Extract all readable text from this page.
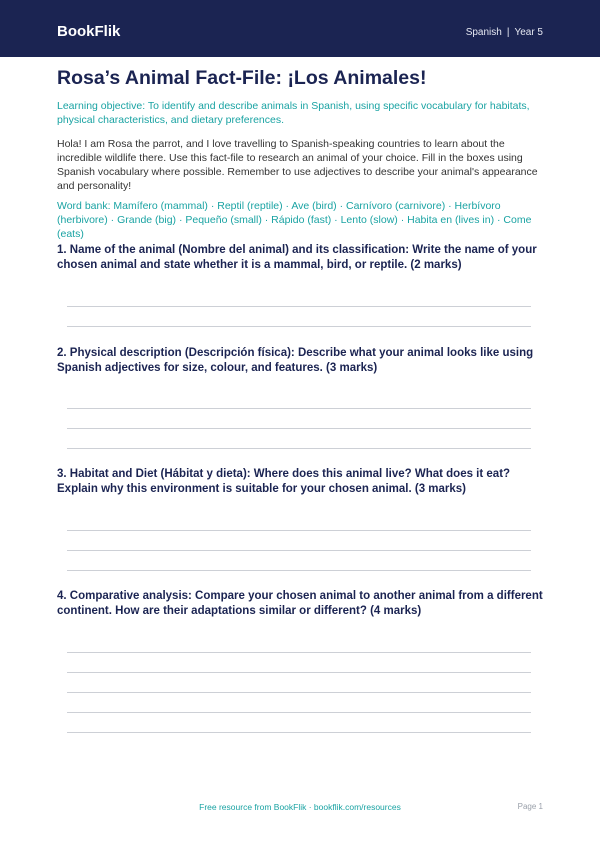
BookFlik	Spanish | Year 5
Rosa’s Animal Fact-File: ¡Los Animales!
Learning objective: To identify and describe animals in Spanish, using specific vocabulary for habitats, physical characteristics, and dietary preferences.
Hola! I am Rosa the parrot, and I love travelling to Spanish-speaking countries to learn about the incredible wildlife there. Use this fact-file to research an animal of your choice. Fill in the boxes using Spanish vocabulary where possible. Remember to use adjectives to describe your animal's appearance and personality!
Word bank: Mamífero (mammal) · Reptil (reptile) · Ave (bird) · Carnívoro (carnivore) · Herbívoro (herbivore) · Grande (big) · Pequeño (small) · Rápido (fast) · Lento (slow) · Habita en (lives in) · Come (eats)
1. Name of the animal (Nombre del animal) and its classification: Write the name of your chosen animal and state whether it is a mammal, bird, or reptile. (2 marks)
2. Physical description (Descripción física): Describe what your animal looks like using Spanish adjectives for size, colour, and features. (3 marks)
3. Habitat and Diet (Hábitat y dieta): Where does this animal live? What does it eat? Explain why this environment is suitable for your chosen animal. (3 marks)
4. Comparative analysis: Compare your chosen animal to another animal from a different continent. How are their adaptations similar or different? (4 marks)
Free resource from BookFlik · bookflik.com/resources	Page 1
